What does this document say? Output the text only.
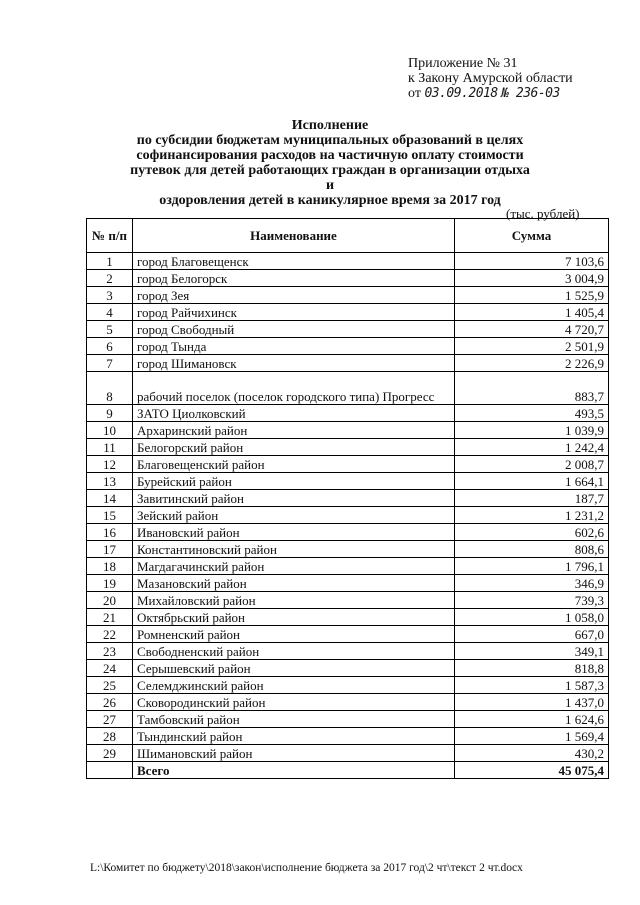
Приложение № 31
к Закону Амурской области
от 03.09.2018 № 236-03
Исполнение
по субсидии бюджетам муниципальных образований в целях
софинансирования расходов на частичную оплату стоимости
путевок для детей работающих граждан в организации отдыха и
оздоровления детей в каникулярное время за 2017 год
(тыс. рублей)
№ п/п	Наименование	Сумма
1	город Благовещенск	7 103,6
2	город Белогорск	3 004,9
3	город Зея	1 525,9
4	город Райчихинск	1 405,4
5	город Свободный	4 720,7
6	город Тында	2 501,9
7	город Шимановск	2 226,9
8	рабочий поселок (поселок городского типа) Прогресс	883,7
9	ЗАТО Циолковский	493,5
10	Архаринский район	1 039,9
11	Белогорский район	1 242,4
12	Благовещенский район	2 008,7
13	Бурейский район	1 664,1
14	Завитинский район	187,7
15	Зейский район	1 231,2
16	Ивановский район	602,6
17	Константиновский район	808,6
18	Магдагачинский район	1 796,1
19	Мазановский район	346,9
20	Михайловский район	739,3
21	Октябрьский район	1 058,0
22	Ромненский район	667,0
23	Свободненский район	349,1
24	Серышевский район	818,8
25	Селемджинский район	1 587,3
26	Сковородинский район	1 437,0
27	Тамбовский район	1 624,6
28	Тындинский район	1 569,4
29	Шимановский район	430,2
	Всего	45 075,4
L:\Комитет по бюджету\2018\закон\исполнение бюджета за 2017 год\2 чт\текст 2 чт.docx
